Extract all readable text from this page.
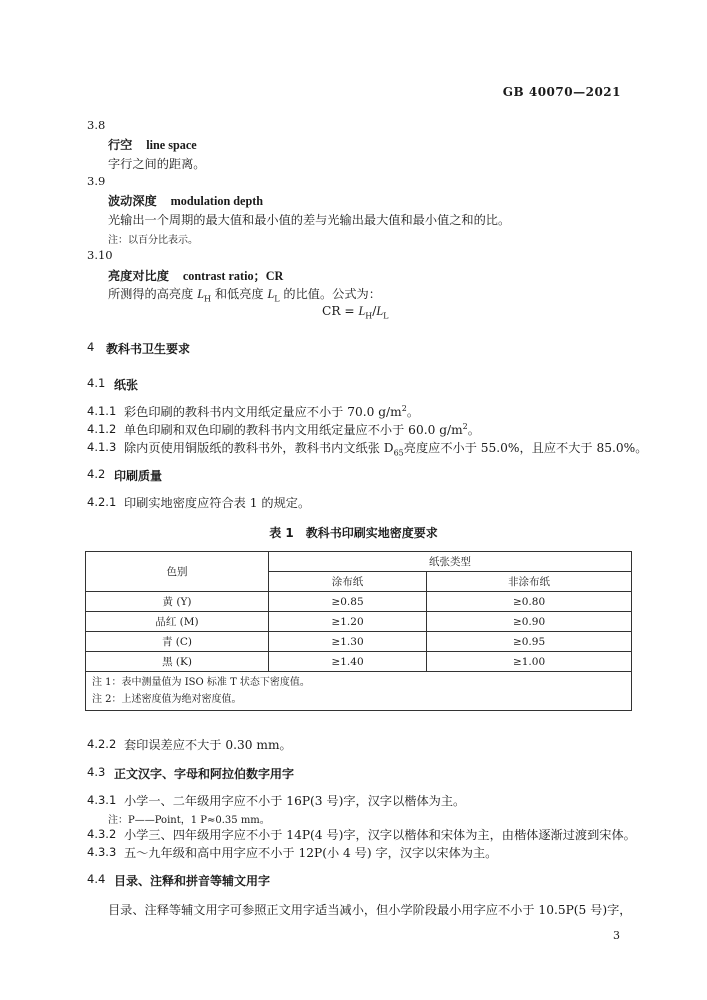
GB 40070—2021
3.8
行空 line space
字行之间的距离。
3.9
波动深度 modulation depth
光输出一个周期的最大值和最小值的差与光输出最大值和最小值之和的比。
注：以百分比表示。
3.10
亮度对比度 contrast ratio；CR
所测得的高亮度 $L_H$ 和低亮度 $L_L$ 的比值。公式为：
CR = $L_H/L_L$
4 教科书卫生要求
4.1 纸张
4.1.1 彩色印刷的教科书内文用纸定量应不小于 70.0 $g/m^2$。
4.1.2 单色印刷和双色印刷的教科书内文用纸定量应不小于 60.0 $g/m^2$。
4.1.3 除内页使用铜版纸的教科书外，教科书内文纸张 $D_{65}$亮度应不小于 55.0%，且应不大于 85.0%。
4.2 印刷质量
4.2.1 印刷实地密度应符合表 1 的规定。
表 1　教科书印刷实地密度要求
色别	纸张类型	
	涂布纸	非涂布纸
黄 (Y)	≥0.85	≥0.80
品红 (M)	≥1.20	≥0.90
青 (C)	≥1.30	≥0.95
黑 (K)	≥1.40	≥1.00

注 1：表中测量值为 ISO 标准 T 状态下密度值。
注 2：上述密度值为绝对密度值。		
4.2.2 套印误差应不大于 0.30 mm。
4.3 正文汉字、字母和阿拉伯数字用字
4.3.1 小学一、二年级用字应不小于 16P(3 号)字，汉字以楷体为主。
注：P——Point，1 P≈0.35 mm。
4.3.2 小学三、四年级用字应不小于 14P(4 号)字，汉字以楷体和宋体为主，由楷体逐渐过渡到宋体。
4.3.3 五～九年级和高中用字应不小于 12P(小 4 号) 字，汉字以宋体为主。
4.4 目录、注释和拼音等辅文用字
目录、注释等辅文用字可参照正文用字适当减小，但小学阶段最小用字应不小于 10.5P(5 号)字，
3
